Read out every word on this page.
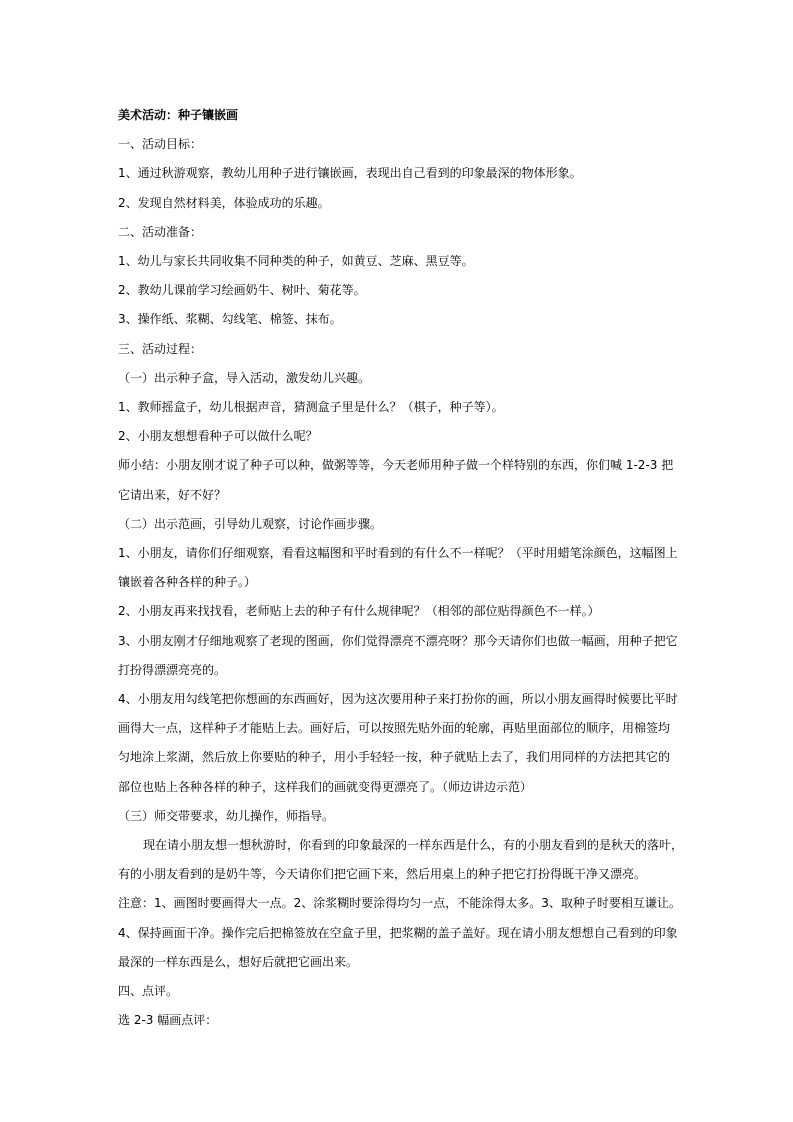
美术活动：种子镶嵌画

一、活动目标：

1、通过秋游观察，教幼儿用种子进行镶嵌画，表现出自己看到的印象最深的物体形象。

2、发现自然材料美，体验成功的乐趣。

二、活动准备：

1、幼儿与家长共同收集不同种类的种子，如黄豆、芝麻、黑豆等。

2、教幼儿课前学习绘画奶牛、树叶、菊花等。

3、操作纸、浆糊、勾线笔、棉签、抹布。

三、活动过程：

（一）出示种子盒，导入活动，激发幼儿兴趣。

1、教师摇盒子，幼儿根据声音，猜测盒子里是什么？（棋子，种子等）。

2、小朋友想想看种子可以做什么呢？

师小结：小朋友刚才说了种子可以种，做粥等等，今天老师用种子做一个样特别的东西，你们喊 1-2-3 把

它请出来，好不好？

（二）出示范画，引导幼儿观察，讨论作画步骤。

1、小朋友，请你们仔细观察，看看这幅图和平时看到的有什么不一样呢？（平时用蜡笔涂颜色，这幅图上

镶嵌着各种各样的种子。）

2、小朋友再来找找看，老师贴上去的种子有什么规律呢？（相邻的部位贴得颜色不一样。）

3、小朋友刚才仔细地观察了老现的图画，你们觉得漂亮不漂亮呀？那今天请你们也做一幅画，用种子把它

打扮得漂漂亮亮的。

4、小朋友用勾线笔把你想画的东西画好，因为这次要用种子来打扮你的画，所以小朋友画得时候要比平时

画得大一点，这样种子才能贴上去。画好后，可以按照先贴外面的轮廓，再贴里面部位的顺序，用棉签均

匀地涂上浆湖，然后放上你要贴的种子，用小手轻轻一按，种子就贴上去了，我们用同样的方法把其它的

部位也贴上各种各样的种子，这样我们的画就变得更漂亮了。（师边讲边示范）

（三）师交带要求，幼儿操作，师指导。

现在请小朋友想一想秋游时，你看到的印象最深的一样东西是什么，有的小朋友看到的是秋天的落叶，

有的小朋友看到的是奶牛等，今天请你们把它画下来，然后用桌上的种子把它打扮得既干净又漂亮。

注意：1、画图时要画得大一点。2、涂浆糊时要涂得均匀一点，不能涂得太多。3、取种子时要相互谦让。

4、保持画面干净。操作完后把棉签放在空盒子里，把浆糊的盖子盖好。现在请小朋友想想自己看到的印象

最深的一样东西是么，想好后就把它画出来。

四、点评。

选 2-3 幅画点评：
